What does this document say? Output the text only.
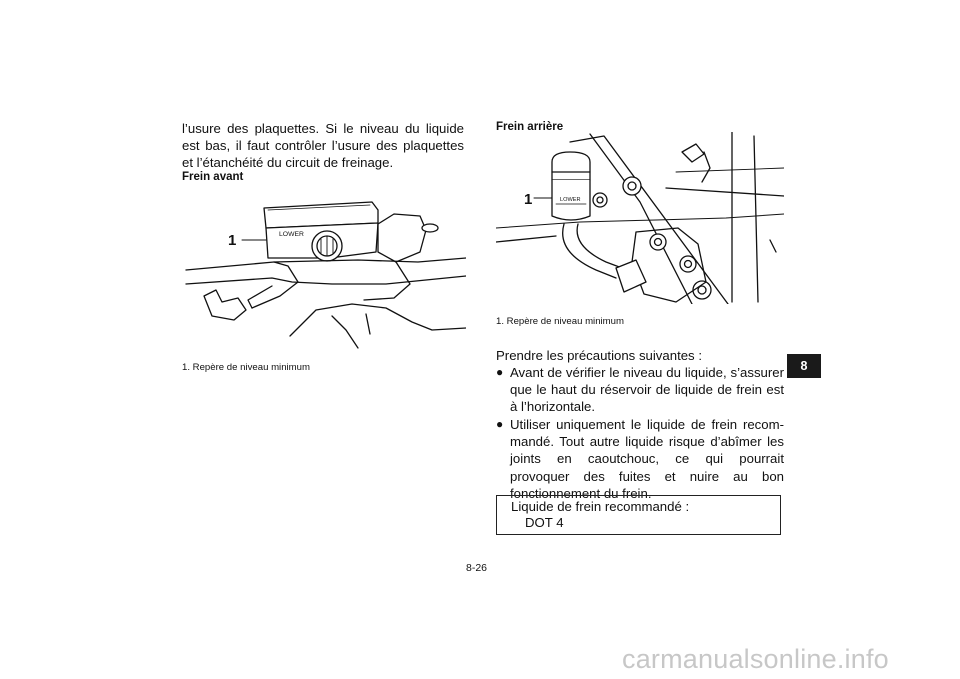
l’usure des plaquettes. Si le niveau du liquide est bas, il faut contrôler l’usure des plaquettes et l’étanchéité du circuit de freinage.

Frein avant
LOWER
1
1. Repère de niveau minimum
Frein arrière
LOWER
1
1. Repère de niveau minimum
Prendre les précautions suivantes :
● Avant de vérifier le niveau du liquide, s’assurer que le haut du réservoir de liquide de frein est à l’horizontale.
● Utiliser uniquement le liquide de frein recom-mandé. Tout autre liquide risque d’abîmer les joints en caoutchouc, ce qui pourrait provoquer des fuites et nuire au bon fonctionnement du frein.
Liquide de frein recommandé :
DOT 4
8
8-26
carmanualsonline.info
